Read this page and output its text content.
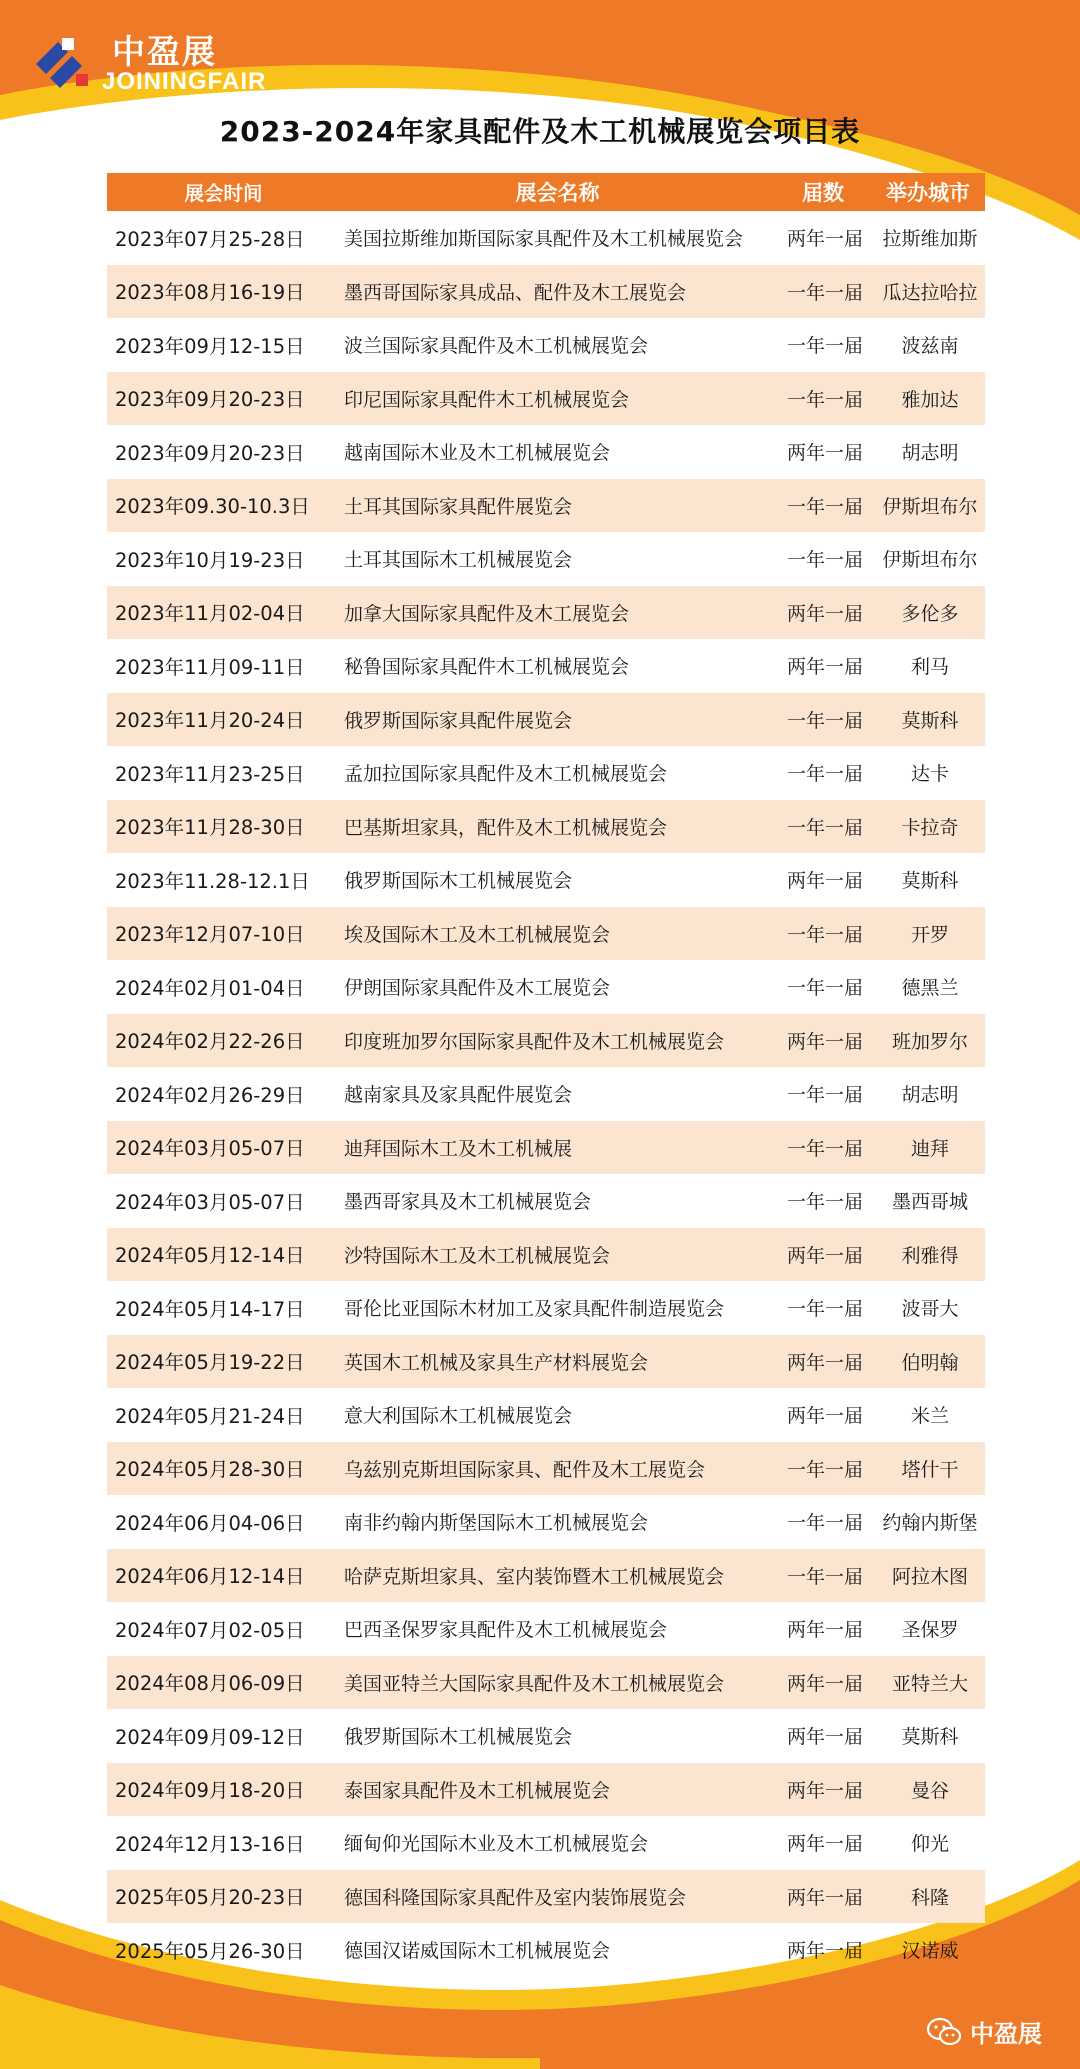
中盈展
JOININGFAIR
2023-2024年家具配件及木工机械展览会项目表
展会时间	展会名称	届数	举办城市
2023年07月25-28日	美国拉斯维加斯国际家具配件及木工机械展览会	两年一届	拉斯维加斯
2023年08月16-19日	墨西哥国际家具成品、配件及木工展览会	一年一届	瓜达拉哈拉
2023年09月12-15日	波兰国际家具配件及木工机械展览会	一年一届	波兹南
2023年09月20-23日	印尼国际家具配件木工机械展览会	一年一届	雅加达
2023年09月20-23日	越南国际木业及木工机械展览会	两年一届	胡志明
2023年09.30-10.3日	土耳其国际家具配件展览会	一年一届	伊斯坦布尔
2023年10月19-23日	土耳其国际木工机械展览会	一年一届	伊斯坦布尔
2023年11月02-04日	加拿大国际家具配件及木工展览会	两年一届	多伦多
2023年11月09-11日	秘鲁国际家具配件木工机械展览会	两年一届	利马
2023年11月20-24日	俄罗斯国际家具配件展览会	一年一届	莫斯科
2023年11月23-25日	孟加拉国际家具配件及木工机械展览会	一年一届	达卡
2023年11月28-30日	巴基斯坦家具，配件及木工机械展览会	一年一届	卡拉奇
2023年11.28-12.1日	俄罗斯国际木工机械展览会	两年一届	莫斯科
2023年12月07-10日	埃及国际木工及木工机械展览会	一年一届	开罗
2024年02月01-04日	伊朗国际家具配件及木工展览会	一年一届	德黑兰
2024年02月22-26日	印度班加罗尔国际家具配件及木工机械展览会	两年一届	班加罗尔
2024年02月26-29日	越南家具及家具配件展览会	一年一届	胡志明
2024年03月05-07日	迪拜国际木工及木工机械展	一年一届	迪拜
2024年03月05-07日	墨西哥家具及木工机械展览会	一年一届	墨西哥城
2024年05月12-14日	沙特国际木工及木工机械展览会	两年一届	利雅得
2024年05月14-17日	哥伦比亚国际木材加工及家具配件制造展览会	一年一届	波哥大
2024年05月19-22日	英国木工机械及家具生产材料展览会	两年一届	伯明翰
2024年05月21-24日	意大利国际木工机械展览会	两年一届	米兰
2024年05月28-30日	乌兹别克斯坦国际家具、配件及木工展览会	一年一届	塔什干
2024年06月04-06日	南非约翰内斯堡国际木工机械展览会	一年一届	约翰内斯堡
2024年06月12-14日	哈萨克斯坦家具、室内装饰暨木工机械展览会	一年一届	阿拉木图
2024年07月02-05日	巴西圣保罗家具配件及木工机械展览会	两年一届	圣保罗
2024年08月06-09日	美国亚特兰大国际家具配件及木工机械展览会	两年一届	亚特兰大
2024年09月09-12日	俄罗斯国际木工机械展览会	两年一届	莫斯科
2024年09月18-20日	泰国家具配件及木工机械展览会	两年一届	曼谷
2024年12月13-16日	缅甸仰光国际木业及木工机械展览会	两年一届	仰光
2025年05月20-23日	德国科隆国际家具配件及室内装饰展览会	两年一届	科隆
2025年05月26-30日	德国汉诺威国际木工机械展览会	两年一届	汉诺威
中盈展
